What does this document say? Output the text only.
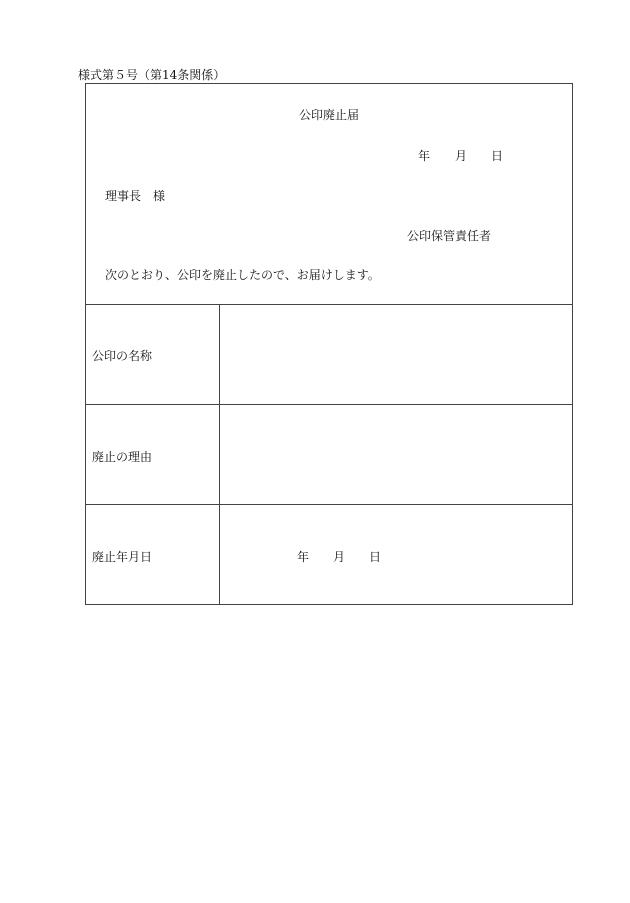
様式第５号（第14条関係）
公印廃止届
年 月 日
理事長 様
公印保管責任者
次のとおり、公印を廃止したので、お届けします。
公印の名称
廃止の理由
廃止年月日	年 月 日
